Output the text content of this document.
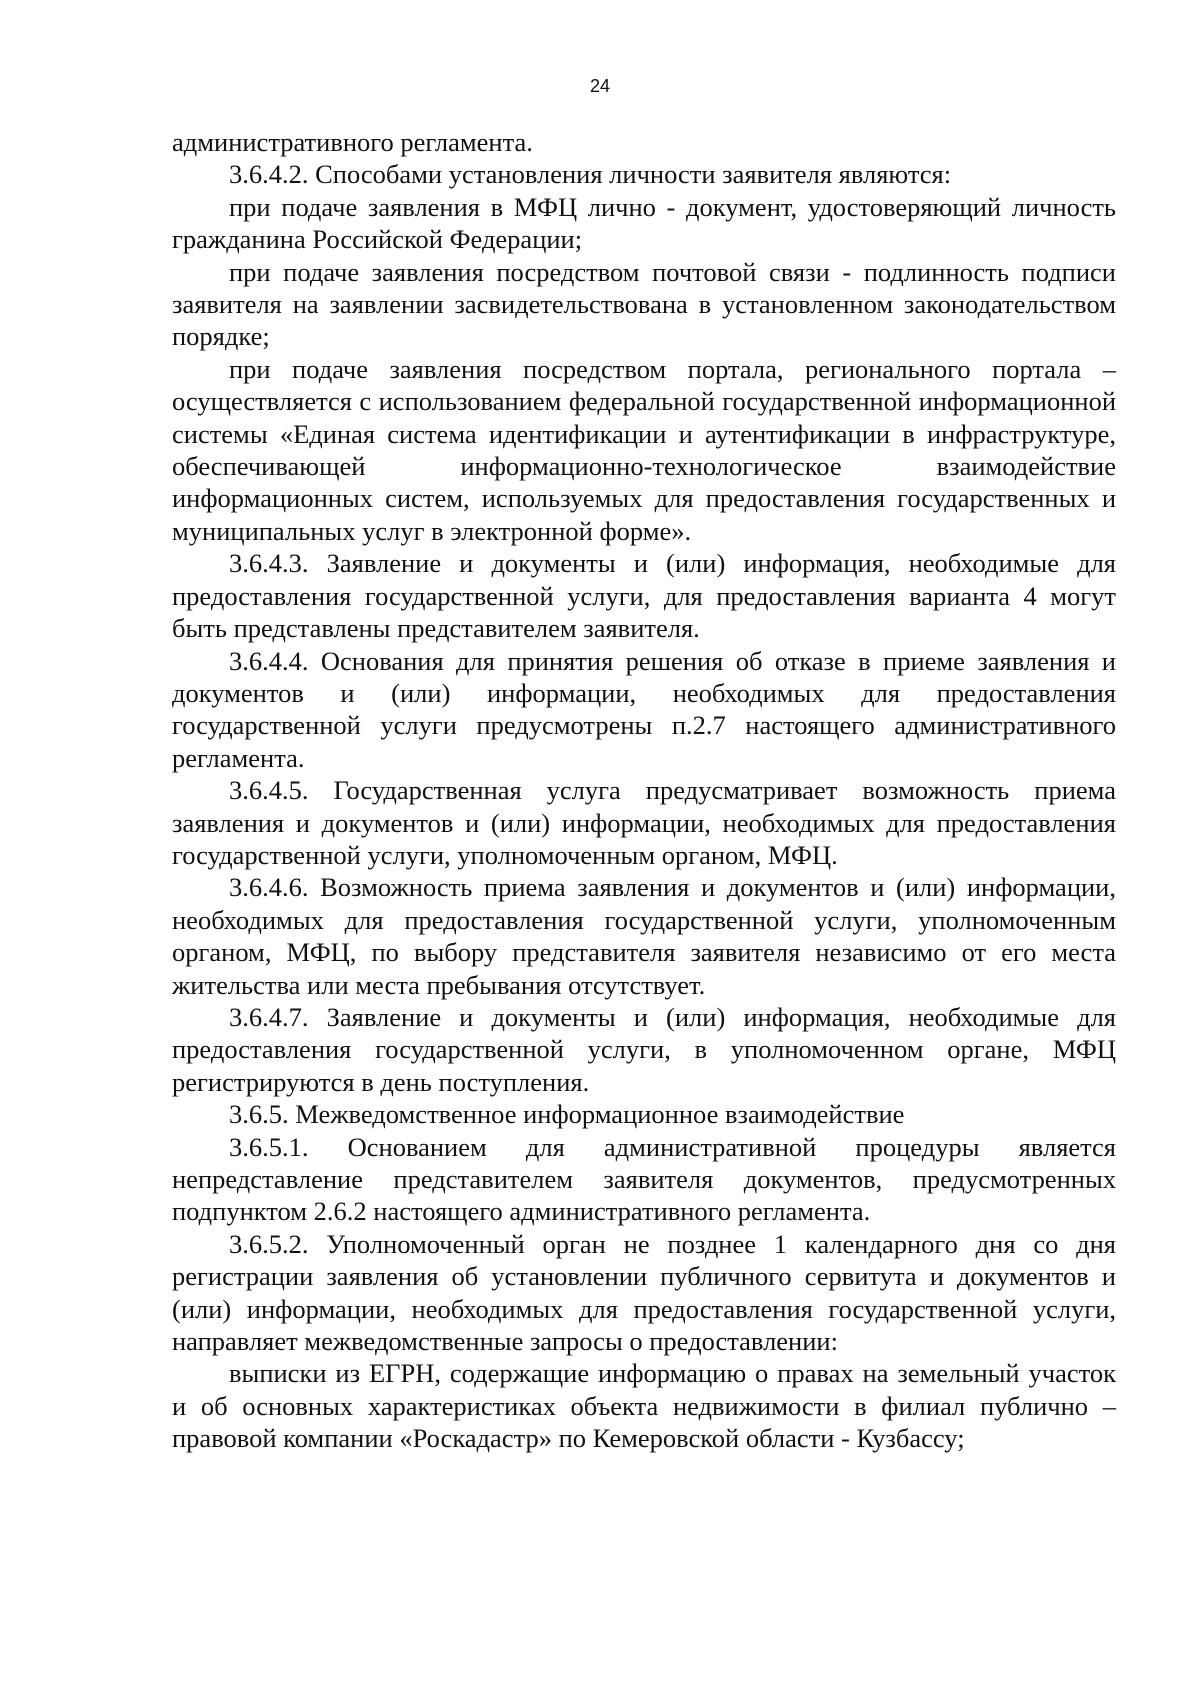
24

административного регламента.

3.6.4.2. Способами установления личности заявителя являются:

при подаче заявления в МФЦ лично - документ, удостоверяющий личность гражданина Российской Федерации;

при подаче заявления посредством почтовой связи - подлинность подписи заявителя на заявлении засвидетельствована в установленном законодательством порядке;

при подаче заявления посредством портала, регионального портала – осуществляется с использованием федеральной государственной информационной системы «Единая система идентификации и аутентификации в инфраструктуре, обеспечивающей информационно-технологическое взаимодействие информационных систем, используемых для предоставления государственных и муниципальных услуг в электронной форме».

3.6.4.3. Заявление и документы и (или) информация, необходимые для предоставления государственной услуги, для предоставления варианта 4 могут быть представлены представителем заявителя.

3.6.4.4. Основания для принятия решения об отказе в приеме заявления и документов и (или) информации, необходимых для предоставления государственной услуги предусмотрены п.2.7 настоящего административного регламента.

3.6.4.5. Государственная услуга предусматривает возможность приема заявления и документов и (или) информации, необходимых для предоставления государственной услуги, уполномоченным органом, МФЦ.

3.6.4.6. Возможность приема заявления и документов и (или) информации, необходимых для предоставления государственной услуги, уполномоченным органом, МФЦ, по выбору представителя заявителя независимо от его места жительства или места пребывания отсутствует.

3.6.4.7. Заявление и документы и (или) информация, необходимые для предоставления государственной услуги, в уполномоченном органе, МФЦ регистрируются в день поступления.

3.6.5. Межведомственное информационное взаимодействие

3.6.5.1. Основанием для административной процедуры является непредставление представителем заявителя документов, предусмотренных подпунктом 2.6.2 настоящего административного регламента.

3.6.5.2. Уполномоченный орган не позднее 1 календарного дня со дня регистрации заявления об установлении публичного сервитута и документов и (или) информации, необходимых для предоставления государственной услуги, направляет межведомственные запросы о предоставлении:

выписки из ЕГРН, содержащие информацию о правах на земельный участок и об основных характеристиках объекта недвижимости в филиал публично – правовой компании «Роскадастр» по Кемеровской области - Кузбассу;
